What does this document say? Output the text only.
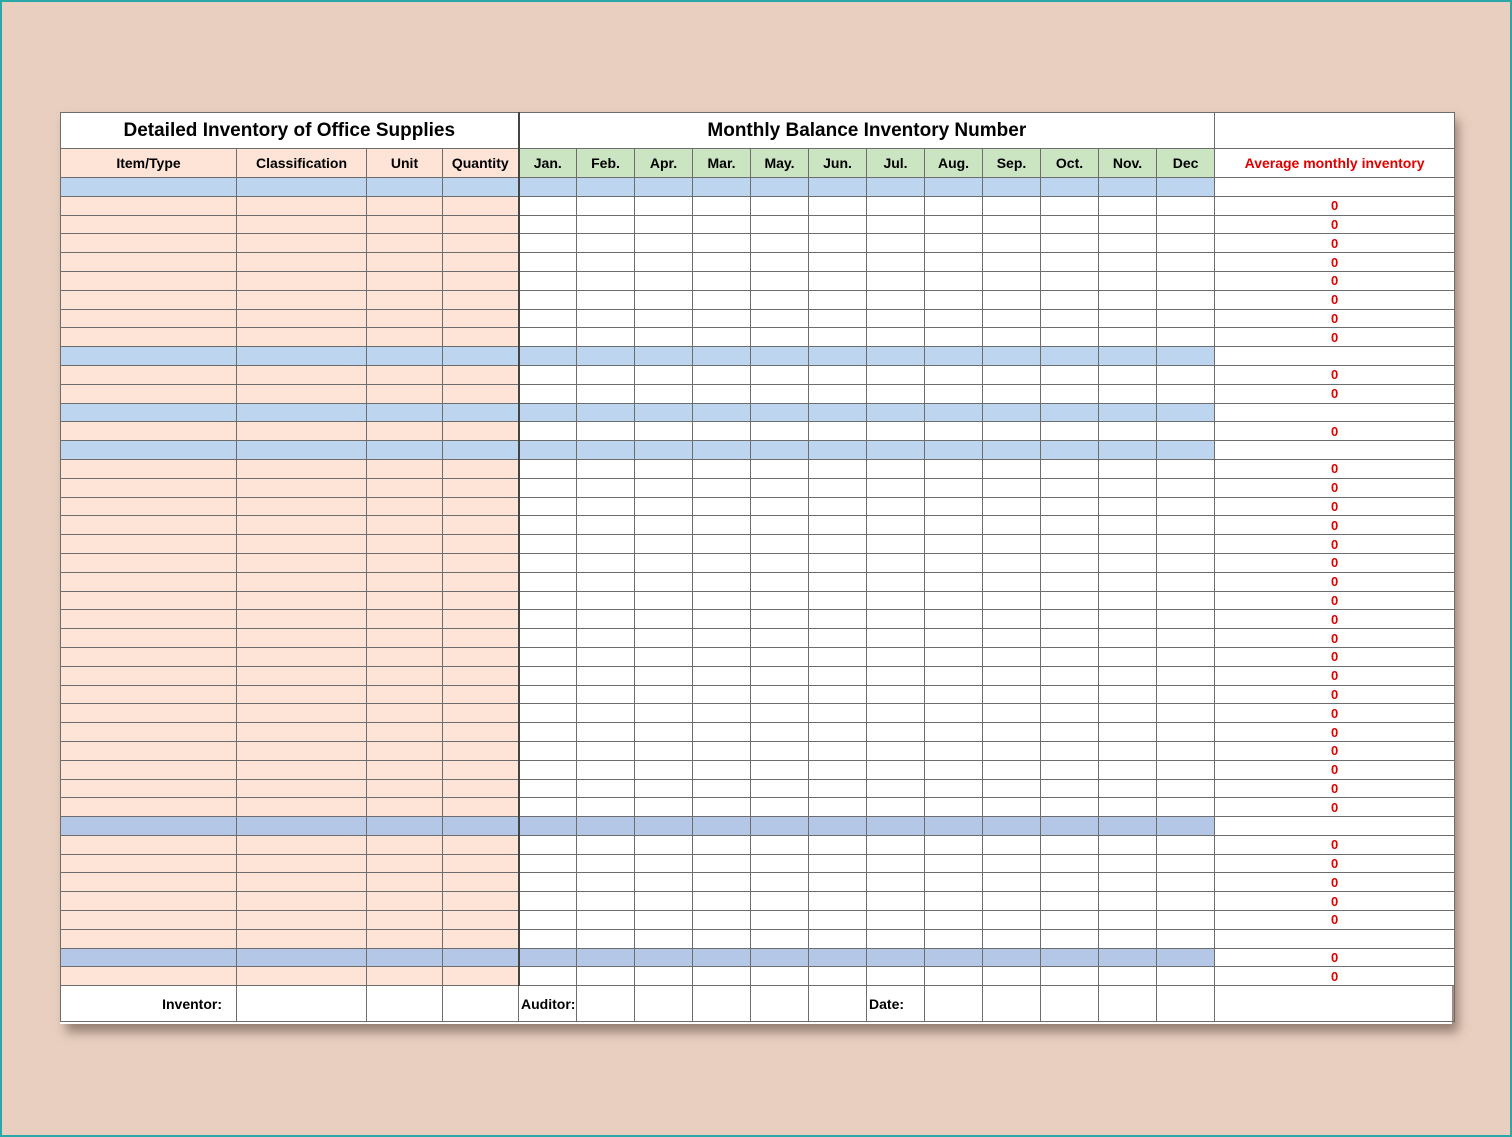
Detailed Inventory of Office Supplies				Monthly Balance Inventory Number												
Item/Type	Classification	Unit	Quantity	Jan.	Feb.	Apr.	Mar.	May.	Jun.	Jul.	Aug.	Sep.	Oct.	Nov.	Dec	Average monthly inventory

																0
																0
																0
																0
																0
																0
																0
																0

																0
																0

																0

																0
																0
																0
																0
																0
																0
																0
																0
																0
																0
																0
																0
																0
																0
																0
																0
																0
																0
																0

																0
																0
																0
																0
																0

																0
																0
Inventor:				Auditor:						Date:						
